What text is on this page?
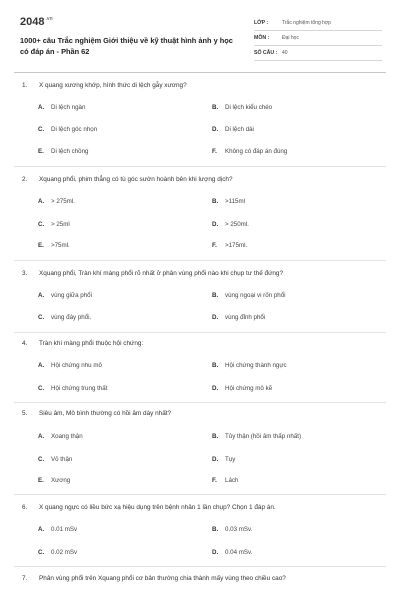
$2048^{.vn}$
1000+ câu Trắc nghiệm Giới thiệu về kỹ thuật hình ảnh y học có đáp án - Phần 62
LỚP :	Trắc nghiệm tổng hợp
MÔN :	Đại học
SỐ CÂU : 40
1. X quang xương khớp, hình thức di lệch gẫy xương?
A. Di lệch ngàn	B. Di lệch kiểu chéo
C. Di lệch góc nhọn	D. Di lệch dài
E. Di lệch chồng	F. Không có đáp án đúng
2. Xquang phổi, phim thẳng có tù góc sườn hoành bên khi lượng dịch?
A. > 275ml.	B. >115ml
C. > 25ml	D. > 250ml.
E. >75ml.	F. >175ml.
3. Xquang phổi, Tràn khí màng phổi rõ nhất ở phân vùng phổi nào khi chụp tư thế đứng?
A. vùng giữa phổi	B. vùng ngoại vi rốn phổi
C. vùng đáy phổi.	D. vùng đỉnh phổi
4. Tràn khí màng phổi thuộc hội chứng:
A. Hội chứng nhu mô	B. Hội chứng thành ngực
C. Hội chứng trung thất	D. Hội chứng mô kẽ
5. Siêu âm, Mô bình thường có hồi âm dày nhất?
A. Xoang thận	B. Tủy thận (hồi âm thấp nhất)
C. Vỏ thận	D. Tụy
E. Xương	F. Lách
6. X quang ngực có liều bức xạ hiệu dụng trên bệnh nhân 1 lần chụp? Chọn 1 đáp án.
A. 0.01 mSv	B. 0.03 mSv.
C. 0.02 mSv	D. 0.04 mSv.
7. Phân vùng phổi trên Xquang phổi cơ bản thường chia thành mấy vùng theo chiều cao?
